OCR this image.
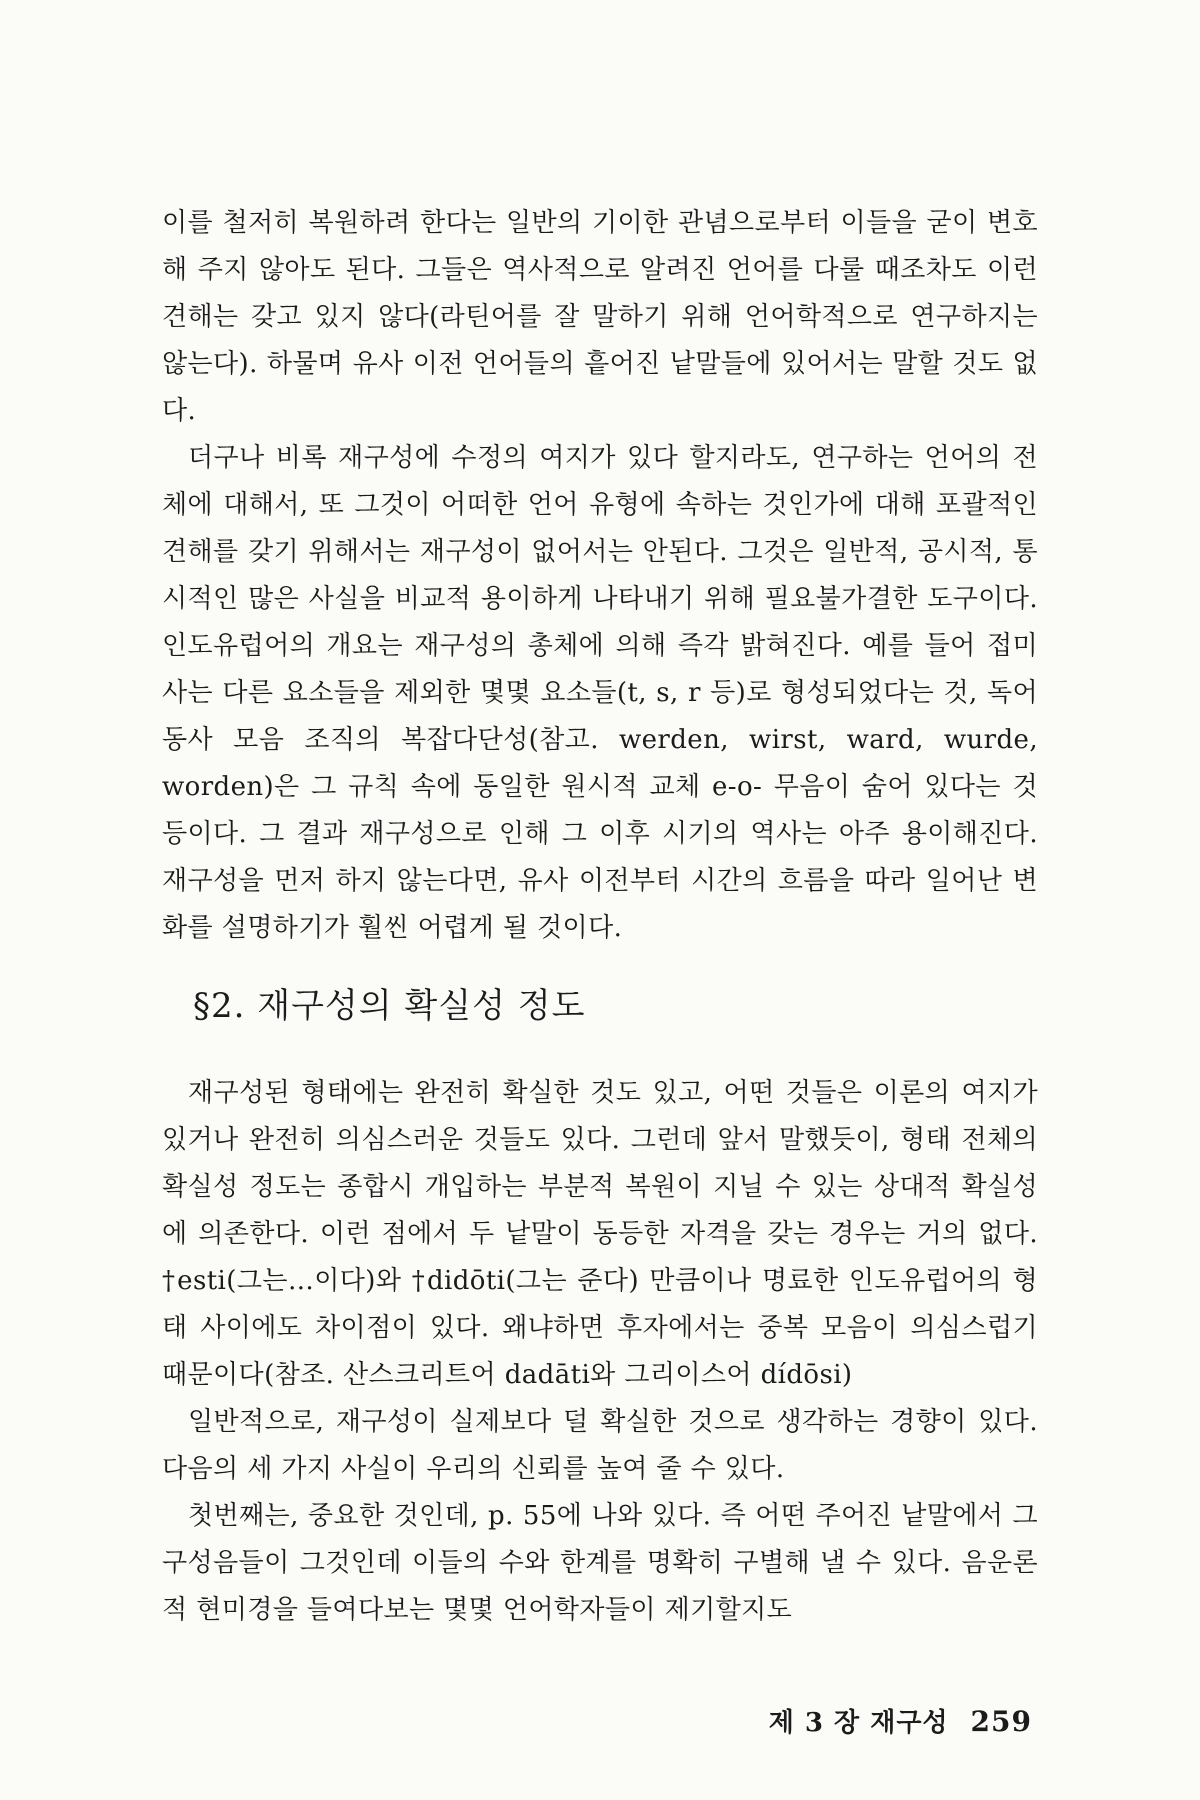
이를 철저히 복원하려 한다는 일반의 기이한 관념으로부터 이들을 굳이 변호해 주지 않아도 된다. 그들은 역사적으로 알려진 언어를 다룰 때조차도 이런 견해는 갖고 있지 않다(라틴어를 잘 말하기 위해 언어학적으로 연구하지는 않는다). 하물며 유사 이전 언어들의 흩어진 낱말들에 있어서는 말할 것도 없다.

더구나 비록 재구성에 수정의 여지가 있다 할지라도, 연구하는 언어의 전체에 대해서, 또 그것이 어떠한 언어 유형에 속하는 것인가에 대해 포괄적인 견해를 갖기 위해서는 재구성이 없어서는 안된다. 그것은 일반적, 공시적, 통시적인 많은 사실을 비교적 용이하게 나타내기 위해 필요불가결한 도구이다. 인도유럽어의 개요는 재구성의 총체에 의해 즉각 밝혀진다. 예를 들어 접미사는 다른 요소들을 제외한 몇몇 요소들(t, s, r 등)로 형성되었다는 것, 독어 동사 모음 조직의 복잡다단성(참고. werden, wirst, ward, wurde, worden)은 그 규칙 속에 동일한 원시적 교체 e-o- 무음이 숨어 있다는 것 등이다. 그 결과 재구성으로 인해 그 이후 시기의 역사는 아주 용이해진다. 재구성을 먼저 하지 않는다면, 유사 이전부터 시간의 흐름을 따라 일어난 변화를 설명하기가 훨씬 어렵게 될 것이다.

§2. 재구성의 확실성 정도

재구성된 형태에는 완전히 확실한 것도 있고, 어떤 것들은 이론의 여지가 있거나 완전히 의심스러운 것들도 있다. 그런데 앞서 말했듯이, 형태 전체의 확실성 정도는 종합시 개입하는 부분적 복원이 지닐 수 있는 상대적 확실성에 의존한다. 이런 점에서 두 낱말이 동등한 자격을 갖는 경우는 거의 없다. †esti(그는…이다)와 †didōti(그는 준다) 만큼이나 명료한 인도유럽어의 형태 사이에도 차이점이 있다. 왜냐하면 후자에서는 중복 모음이 의심스럽기 때문이다(참조. 산스크리트어 dadāti와 그리이스어 dídōsi)

일반적으로, 재구성이 실제보다 덜 확실한 것으로 생각하는 경향이 있다. 다음의 세 가지 사실이 우리의 신뢰를 높여 줄 수 있다.

첫번째는, 중요한 것인데, p. 55에 나와 있다. 즉 어떤 주어진 낱말에서 그 구성음들이 그것인데 이들의 수와 한계를 명확히 구별해 낼 수 있다. 음운론적 현미경을 들여다보는 몇몇 언어학자들이 제기할지도

제 3 장 재구성 259
